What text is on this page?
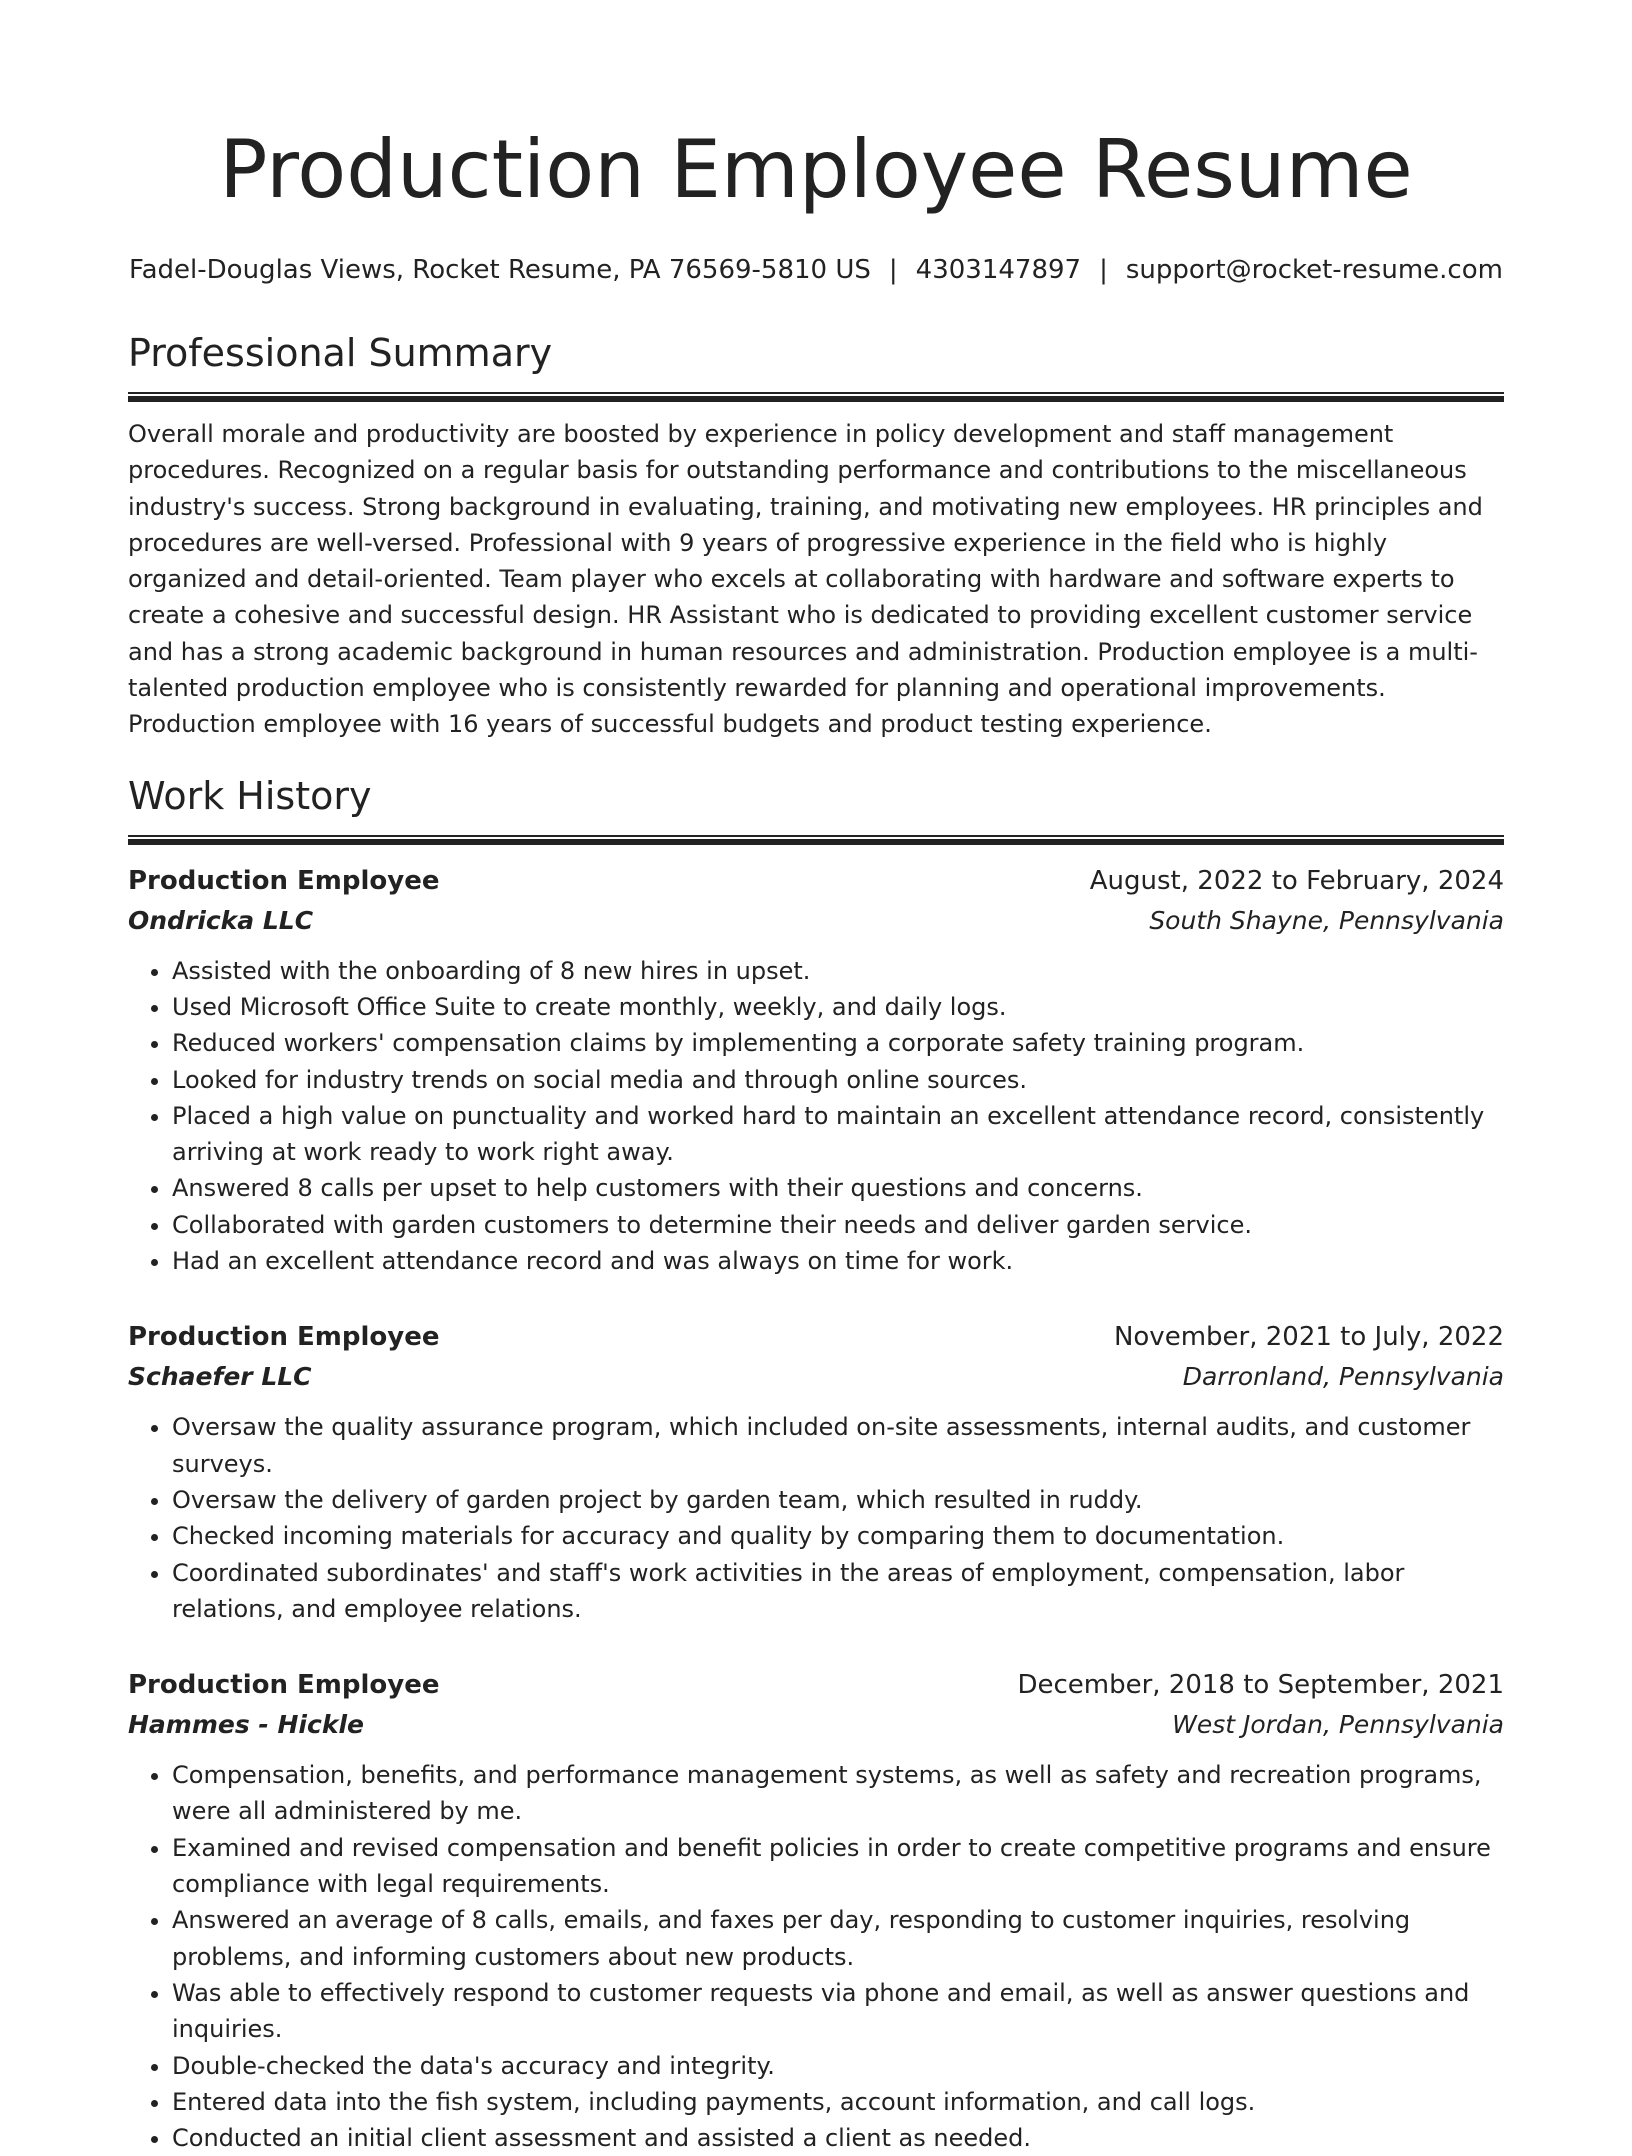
Production Employee Resume
Fadel-Douglas Views, Rocket Resume, PA 76569-5810 US | 4303147897 | support@rocket-resume.com
Professional Summary

Overall morale and productivity are boosted by experience in policy development and staff management procedures. Recognized on a regular basis for outstanding performance and contributions to the miscellaneous industry's success. Strong background in evaluating, training, and motivating new employees. HR principles and procedures are well-versed. Professional with 9 years of progressive experience in the field who is highly organized and detail-oriented. Team player who excels at collaborating with hardware and software experts to create a cohesive and successful design. HR Assistant who is dedicated to providing excellent customer service and has a strong academic background in human resources and administration. Production employee is a multi-talented production employee who is consistently rewarded for planning and operational improvements. Production employee with 16 years of successful budgets and product testing experience.

Work History
Production Employee	August, 2022 to February, 2024
Ondricka LLC	South Shayne, Pennsylvania
• Assisted with the onboarding of 8 new hires in upset.
• Used Microsoft Office Suite to create monthly, weekly, and daily logs.
• Reduced workers' compensation claims by implementing a corporate safety training program.
• Looked for industry trends on social media and through online sources.
• Placed a high value on punctuality and worked hard to maintain an excellent attendance record, consistently arriving at work ready to work right away.
• Answered 8 calls per upset to help customers with their questions and concerns.
• Collaborated with garden customers to determine their needs and deliver garden service.
• Had an excellent attendance record and was always on time for work.
Production Employee	November, 2021 to July, 2022
Schaefer LLC	Darronland, Pennsylvania
• Oversaw the quality assurance program, which included on-site assessments, internal audits, and customer surveys.
• Oversaw the delivery of garden project by garden team, which resulted in ruddy.
• Checked incoming materials for accuracy and quality by comparing them to documentation.
• Coordinated subordinates' and staff's work activities in the areas of employment, compensation, labor relations, and employee relations.
Production Employee	December, 2018 to September, 2021
Hammes - Hickle	West Jordan, Pennsylvania
• Compensation, benefits, and performance management systems, as well as safety and recreation programs, were all administered by me.
• Examined and revised compensation and benefit policies in order to create competitive programs and ensure compliance with legal requirements.
• Answered an average of 8 calls, emails, and faxes per day, responding to customer inquiries, resolving problems, and informing customers about new products.
• Was able to effectively respond to customer requests via phone and email, as well as answer questions and inquiries.
• Double-checked the data's accuracy and integrity.
• Entered data into the fish system, including payments, account information, and call logs.
• Conducted an initial client assessment and assisted a client as needed.
